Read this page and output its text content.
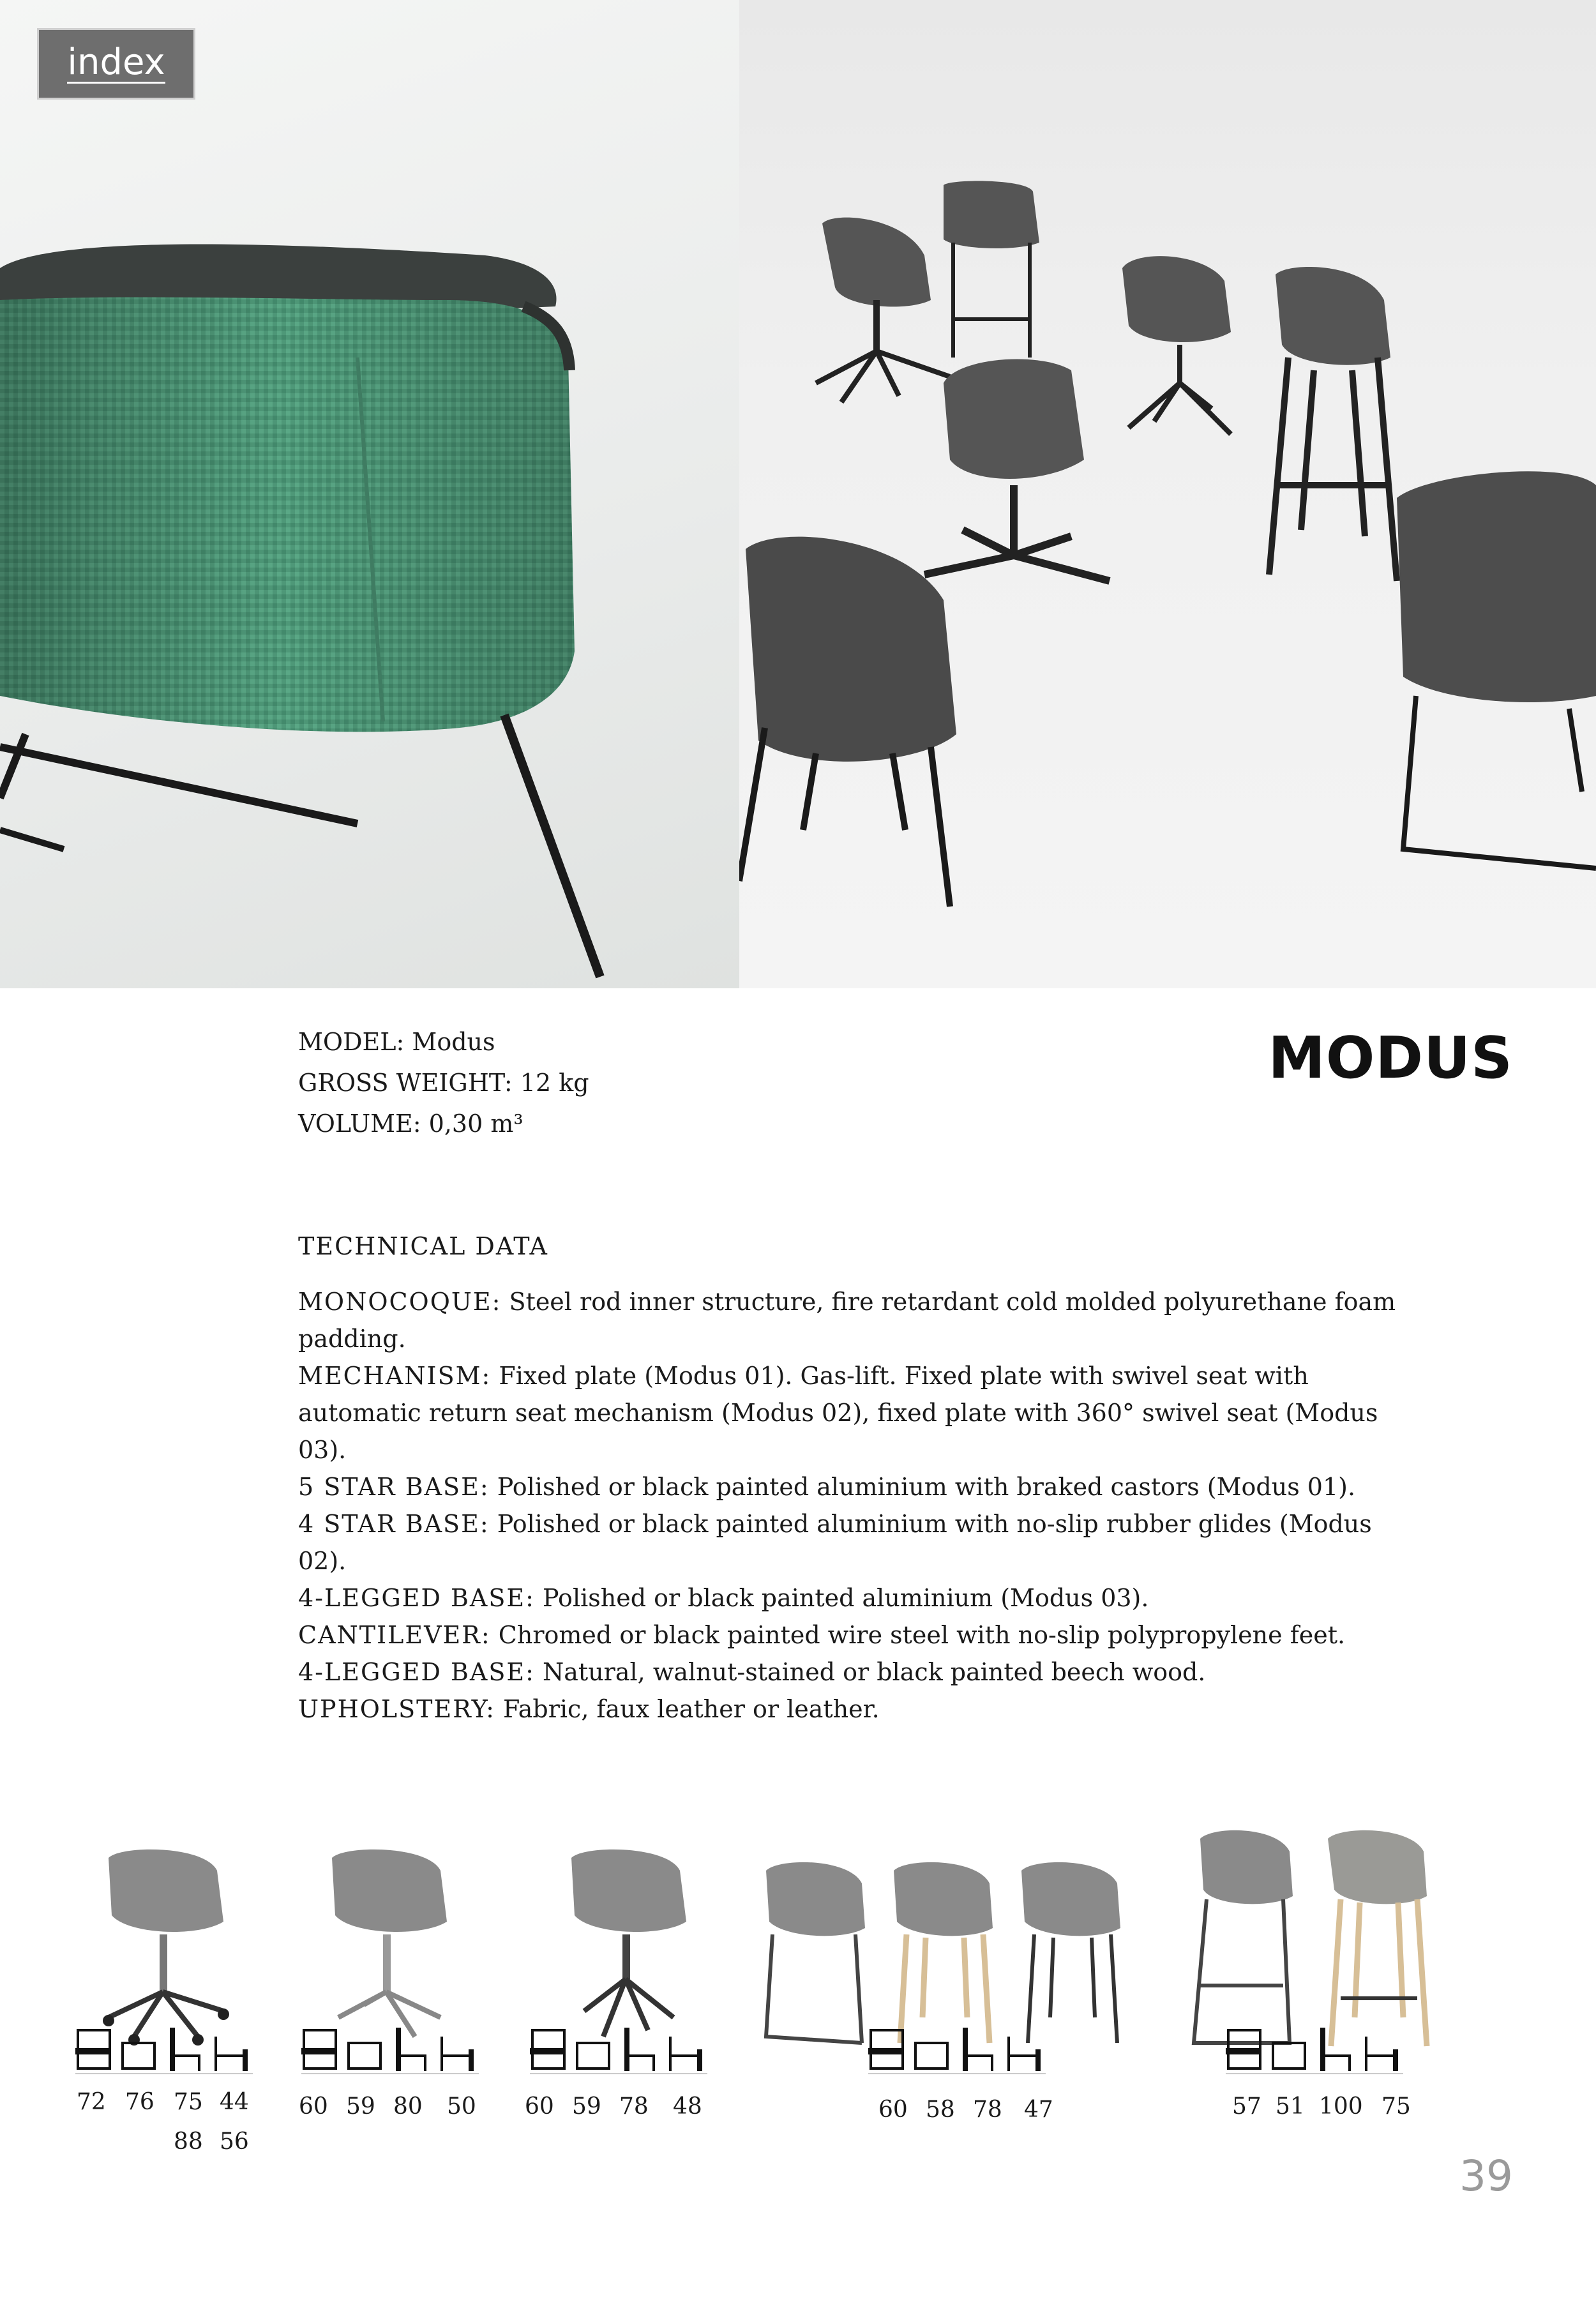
index
MODEL: Modus
GROSS WEIGHT: 12 kg
VOLUME: 0,30 m³
MODUS
TECHNICAL DATA

MONOCOQUE: Steel rod inner structure, fire retardant cold molded polyurethane foam padding.

MECHANISM: Fixed plate (Modus 01). Gas-lift. Fixed plate with swivel seat with automatic return seat mechanism (Modus 02), fixed plate with 360° swivel seat (Modus 03).

5 STAR BASE: Polished or black painted aluminium with braked castors (Modus 01).

4 STAR BASE: Polished or black painted aluminium with no-slip rubber glides (Modus 02).

4-LEGGED BASE: Polished or black painted aluminium (Modus 03).

CANTILEVER: Chromed or black painted wire steel with no-slip polypropylene feet.

4-LEGGED BASE: Natural, walnut-stained or black painted beech wood.

UPHOLSTERY: Fabric, faux leather or leather.

72 76 75 44
88 56
60 59 80 50 60 59 78 48	60 58 78 47	57 51 100 75
39
